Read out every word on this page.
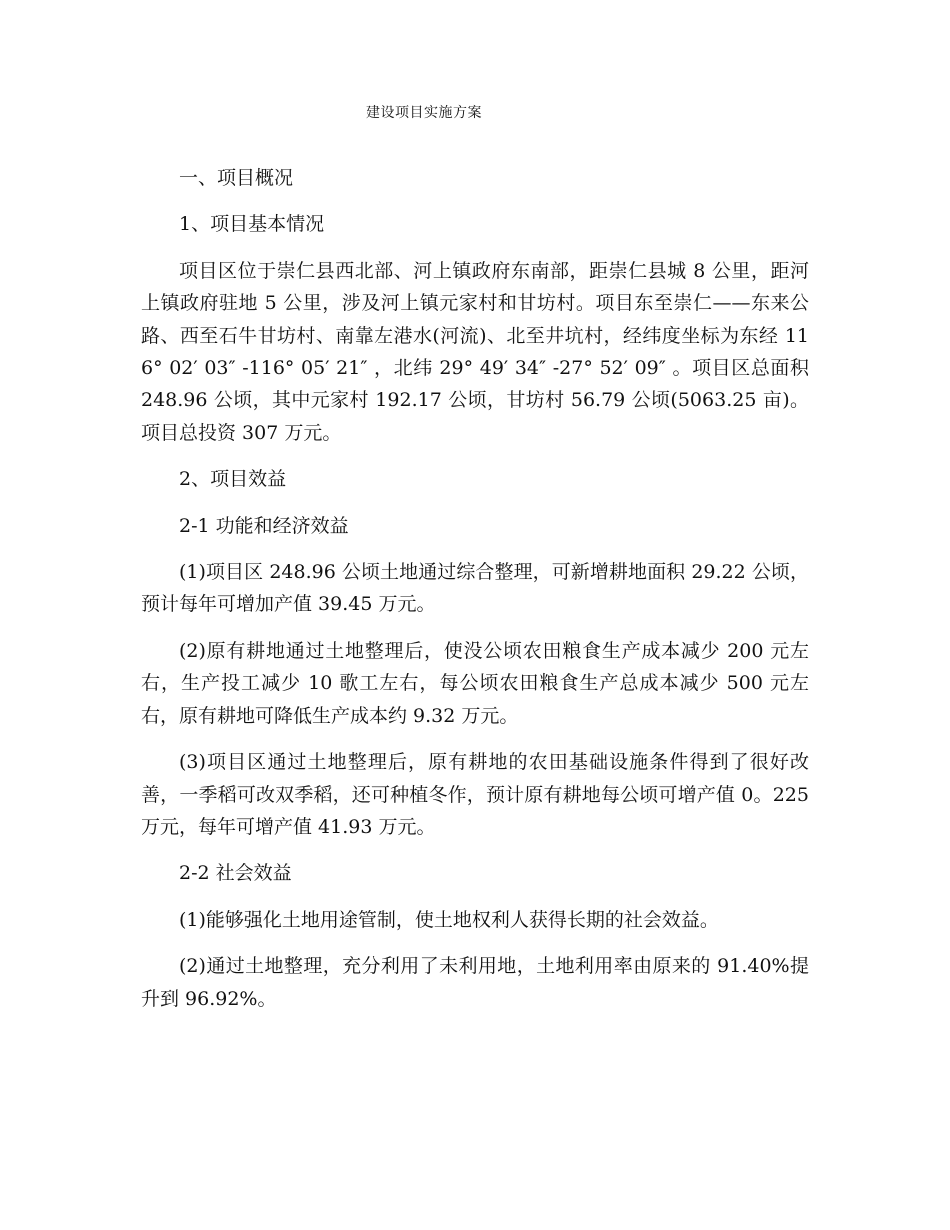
建设项目实施方案
一、项目概况
1、项目基本情况
项目区位于崇仁县西北部、河上镇政府东南部，距崇仁县城 8 公里，距河上镇政府驻地 5 公里，涉及河上镇元家村和甘坊村。项目东至崇仁——东来公路、西至石牛甘坊村、南靠左港水(河流)、北至井坑村，经纬度坐标为东经 116° 02′ 03″ -116° 05′ 21″ ，北纬 29° 49′ 34″ -27° 52′ 09″ 。项目区总面积 248.96 公顷，其中元家村 192.17 公顷，甘坊村 56.79 公顷(5063.25 亩)。项目总投资 307 万元。
2、项目效益
2-1 功能和经济效益
(1)项目区 248.96 公顷土地通过综合整理，可新增耕地面积 29.22 公顷，预计每年可增加产值 39.45 万元。
(2)原有耕地通过土地整理后，使没公顷农田粮食生产成本减少 200 元左右，生产投工减少 10 歌工左右，每公顷农田粮食生产总成本减少 500 元左右，原有耕地可降低生产成本约 9.32 万元。
(3)项目区通过土地整理后，原有耕地的农田基础设施条件得到了很好改善，一季稻可改双季稻，还可种植冬作，预计原有耕地每公顷可增产值 0。225 万元，每年可增产值 41.93 万元。
2-2 社会效益
(1)能够强化土地用途管制，使土地权利人获得长期的社会效益。
(2)通过土地整理，充分利用了未利用地，土地利用率由原来的 91.40%提升到 96.92%。
